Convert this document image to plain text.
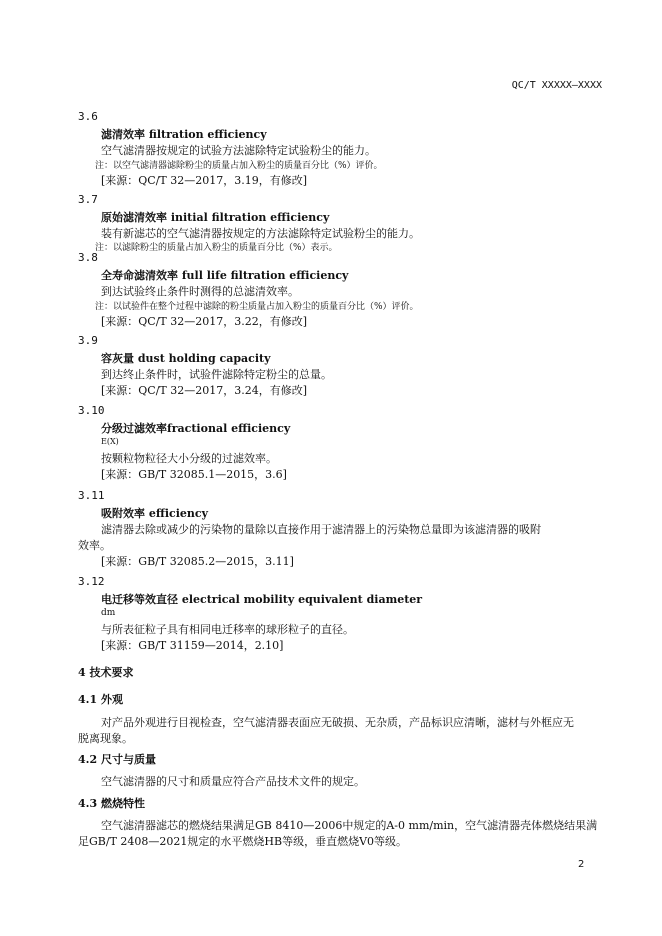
QC/T XXXXX—XXXX
3.6
滤清效率 filtration efficiency
空气滤清器按规定的试验方法滤除特定试验粉尘的能力。
注：以空气滤清器滤除粉尘的质量占加入粉尘的质量百分比（%）评价。
[来源：QC/T 32—2017，3.19，有修改]
3.7
原始滤清效率 initial filtration efficiency
装有新滤芯的空气滤清器按规定的方法滤除特定试验粉尘的能力。
注：以滤除粉尘的质量占加入粉尘的质量百分比（%）表示。
3.8
全寿命滤清效率 full life filtration efficiency
到达试验终止条件时测得的总滤清效率。
注：以试验件在整个过程中滤除的粉尘质量占加入粉尘的质量百分比（%）评价。
[来源：QC/T 32—2017，3.22，有修改]
3.9
容灰量 dust holding capacity
到达终止条件时，试验件滤除特定粉尘的总量。
[来源：QC/T 32—2017，3.24，有修改]
3.10
分级过滤效率fractional efficiency
E(X)
按颗粒物粒径大小分级的过滤效率。
[来源：GB/T 32085.1—2015，3.6]
3.11
吸附效率 efficiency
滤清器去除或减少的污染物的量除以直接作用于滤清器上的污染物总量即为该滤清器的吸附
效率。
[来源：GB/T 32085.2—2015，3.11]
3.12
电迁移等效直径 electrical mobility equivalent diameter
dm
与所表征粒子具有相同电迁移率的球形粒子的直径。
[来源：GB/T 31159—2014，2.10]
4 技术要求
4.1 外观
对产品外观进行目视检查，空气滤清器表面应无破损、无杂质，产品标识应清晰，滤材与外框应无
脱离现象。
4.2 尺寸与质量
空气滤清器的尺寸和质量应符合产品技术文件的规定。
4.3 燃烧特性
空气滤清器滤芯的燃烧结果满足GB 8410—2006中规定的A-0 mm/min，空气滤清器壳体燃烧结果满
足GB/T 2408—2021规定的水平燃烧HB等级，垂直燃烧V0等级。
2
